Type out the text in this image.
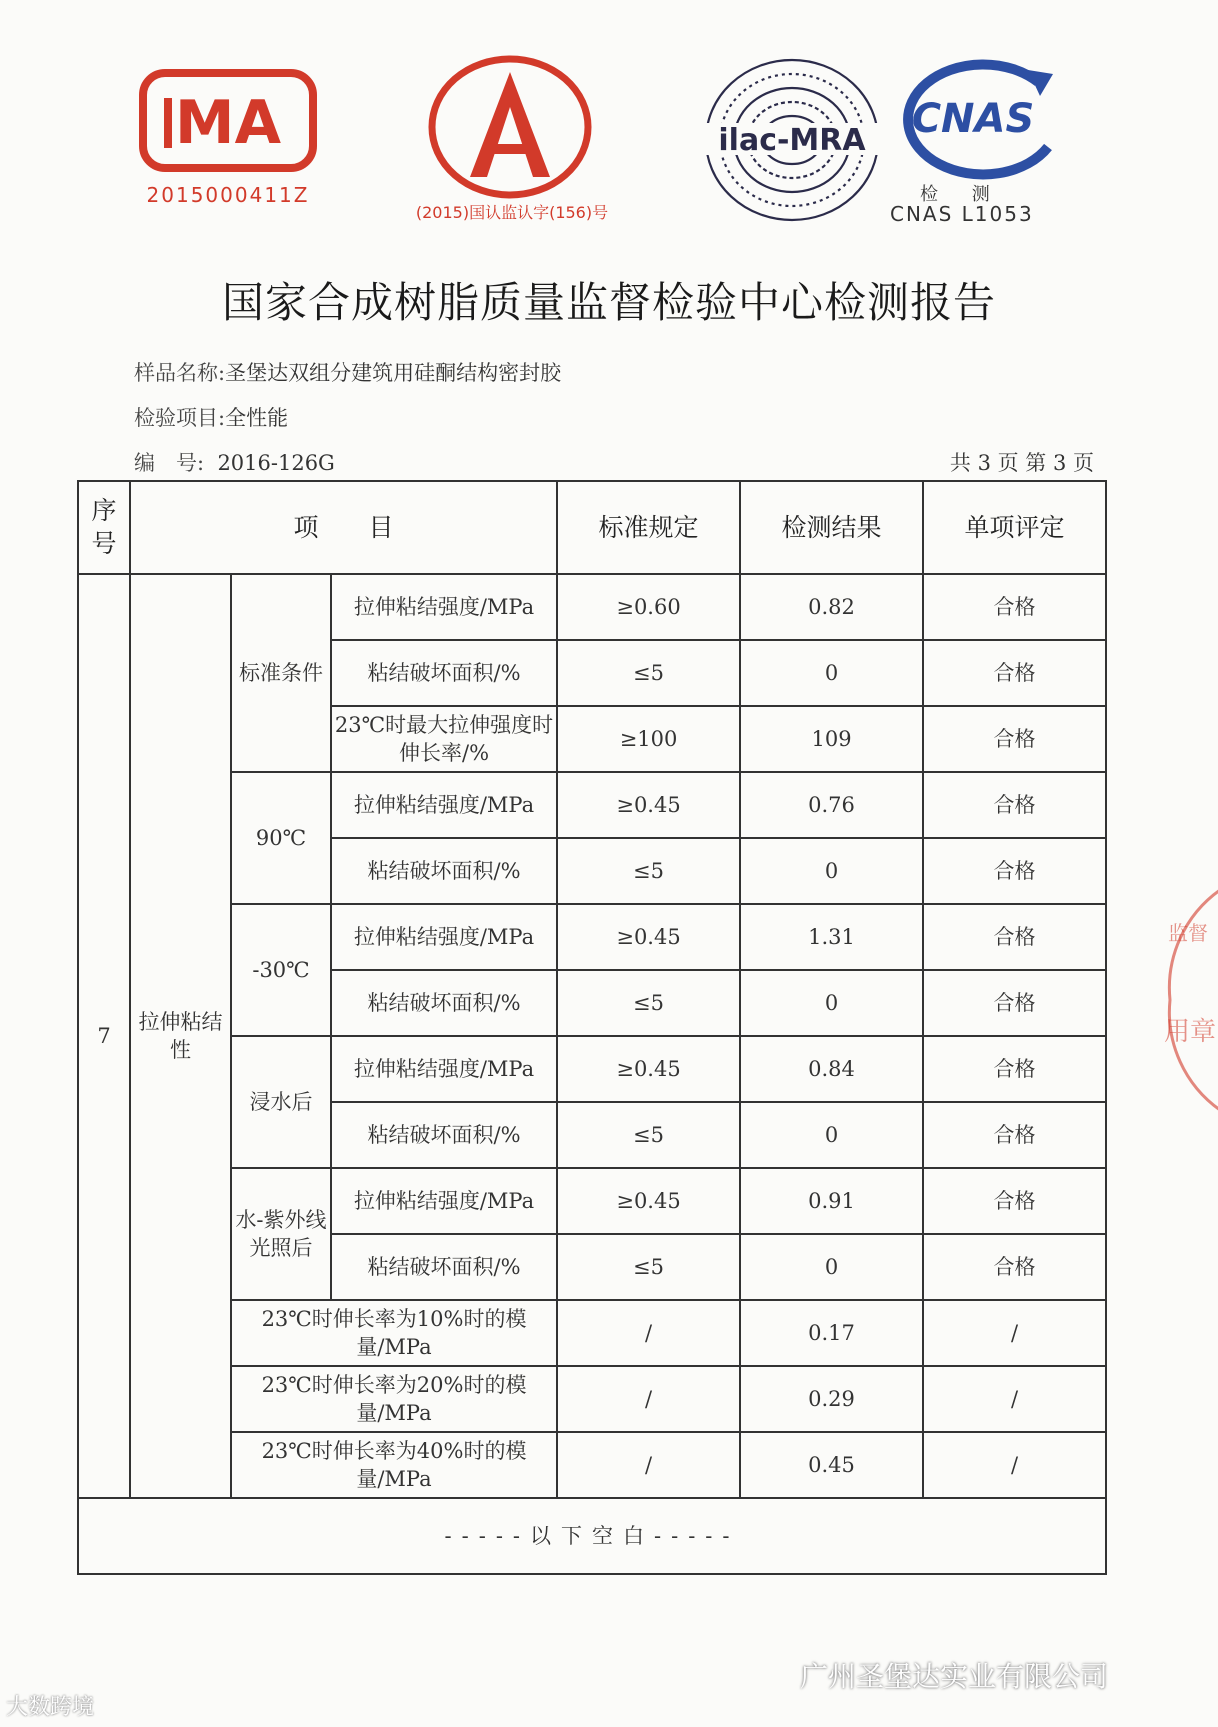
MA
2015000411Z
(2015)国认监认字(156)号
ilac-MRA CNAS
检 测
CNAS L1053
国家合成树脂质量监督检验中心检测报告
样品名称:圣堡达双组分建筑用硅酮结构密封胶
检验项目:全性能
编　号: 2016-126G	共 3 页 第 3 页
序号	项　　目			标准规定	检测结果	单项评定
7	拉伸粘结性	标准条件	拉伸粘结强度/MPa	≥0.60	0.82	合格
			粘结破坏面积/%	≤5	0	合格
			23℃时最大拉伸强度时伸长率/%	≥100	109	合格
		90℃	拉伸粘结强度/MPa	≥0.45	0.76	合格
			粘结破坏面积/%	≤5	0	合格
		-30℃	拉伸粘结强度/MPa	≥0.45	1.31	合格
			粘结破坏面积/%	≤5	0	合格
		浸水后	拉伸粘结强度/MPa	≥0.45	0.84	合格
			粘结破坏面积/%	≤5	0	合格
		水-紫外线光照后	拉伸粘结强度/MPa	≥0.45	0.91	合格
			粘结破坏面积/%	≤5	0	合格
		23℃时伸长率为10%时的模量/MPa		/	0.17	/
		23℃时伸长率为20%时的模量/MPa		/	0.29	/
		23℃时伸长率为40%时的模量/MPa		/	0.45	/
-----以下空白-----						
监督
用章
大数跨境
广州圣堡达实业有限公司
